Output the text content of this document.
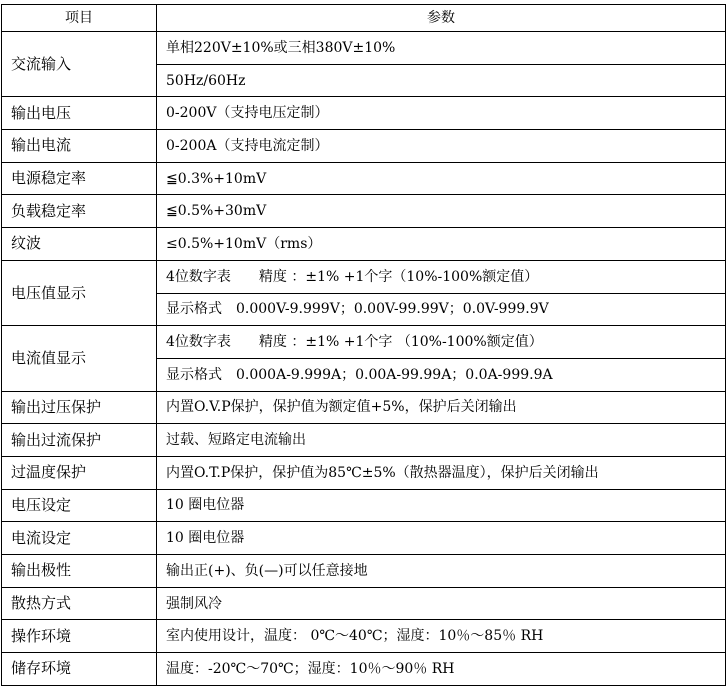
项目	参数
交流输入	单相220V±10%或三相380V±10%
	50Hz/60Hz
输出电压	0-200V（支持电压定制）
输出电流	0-200A（支持电流定制）
电源稳定率	≦0.3%+10mV
负载稳定率	≦0.5%+30mV
纹波	≤0.5%+10mV（rms）
电压值显示	4位数字表　　精度 ：±1% +1个字（10%-100%额定值）
	显示格式　0.000V-9.999V；0.00V-99.99V；0.0V-999.9V
电流值显示	4位数字表　　精度 ：±1% +1个字 （10%-100%额定值）
	显示格式　0.000A-9.999A；0.00A-99.99A；0.0A-999.9A
输出过压保护	内置O.V.P保护，保护值为额定值+5%，保护后关闭输出
输出过流保护	过载、短路定电流输出
过温度保护	内置O.T.P保护，保护值为85℃±5%（散热器温度），保护后关闭输出
电压设定	10 圈电位器
电流设定	10 圈电位器
输出极性	输出正(+)、负(—)可以任意接地
散热方式	强制风冷
操作环境	室内使用设计，温度： 0℃～40℃；湿度：10％～85％ RH
储存环境	温度：-20℃～70℃；湿度：10％～90％ RH
